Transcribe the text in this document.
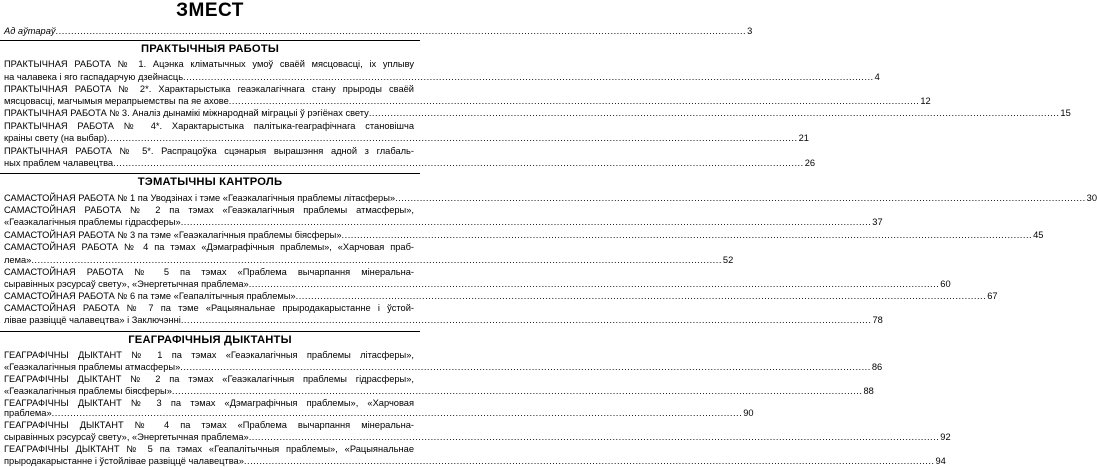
ЗМЕСТ
Ад аўтараў .....	3
ПРАКТЫЧНЫЯ РАБОТЫ
ПРАКТЫЧНАЯ РАБОТА № 1. Ацэнка кліматычных умоў сваёй мясцовасці, іх уплыву
на чалавека і яго гаспадарчую дзейнасць .....	4
ПРАКТЫЧНАЯ РАБОТА № 2*. Характарыстыка геаэкалагічнага стану прыроды сваёй
мясцовасці, магчымыя мерапрыемствы па яе ахове .....	12
ПРАКТЫЧНАЯ РАБОТА № 3. Аналіз дынамікі міжнароднай міграцыі ў рэгіёнах свету .....	15
ПРАКТЫЧНАЯ РАБОТА № 4*. Характарыстыка палітыка-геаграфічнага становішча
краіны свету (на выбар) .....	21
ПРАКТЫЧНАЯ РАБОТА № 5*. Распрацоўка сцэнарыя вырашэння адной з глабаль-
ных праблем чалавецтва .....	26
ТЭМАТЫЧНЫ КАНТРОЛЬ
САМАСТОЙНАЯ РАБОТА № 1 па Уводзінах і тэме «Геаэкалагічныя праблемы літасферы» .....	30
САМАСТОЙНАЯ РАБОТА № 2 па тэмах «Геаэкалагічныя праблемы атмасферы»,
«Геаэкалагічныя праблемы гідрасферы» .....	37
САМАСТОЙНАЯ РАБОТА № 3 па тэме «Геаэкалагічныя праблемы біясферы» .....	45
САМАСТОЙНАЯ РАБОТА № 4 па тэмах «Дэмаграфічныя праблемы», «Харчовая праб-
лема» .....	52
САМАСТОЙНАЯ РАБОТА № 5 па тэмах «Праблема вычарпання мінеральна-
сыравінных рэсурсаў свету», «Энергетычная праблема» .....	60
САМАСТОЙНАЯ РАБОТА № 6 па тэме «Геапалітычныя праблемы» .....	67
САМАСТОЙНАЯ РАБОТА № 7 па тэме «Рацыянальнае прыродакарыстанне і ўстой-
лівае развіццё чалавецтва» і Заключэнні .....	78
ГЕАГРАФІЧНЫЯ ДЫКТАНТЫ
ГЕАГРАФІЧНЫ ДЫКТАНТ № 1 па тэмах «Геаэкалагічныя праблемы літасферы»,
«Геаэкалагічныя праблемы атмасферы» .....	86
ГЕАГРАФІЧНЫ ДЫКТАНТ № 2 па тэмах «Геаэкалагічныя праблемы гідрасферы»,
«Геаэкалагічныя праблемы біясферы» .....	88
ГЕАГРАФІЧНЫ ДЫКТАНТ № 3 па тэмах «Дэмаграфічныя праблемы», «Харчовая
праблема» .....	90
ГЕАГРАФІЧНЫ ДЫКТАНТ № 4 па тэмах «Праблема вычарпання мінеральна-
сыравінных рэсурсаў свету», «Энергетычная праблема» .....	92
ГЕАГРАФІЧНЫ ДЫКТАНТ № 5 па тэмах «Геапалітычныя праблемы», «Рацыянальнае
прыродакарыстанне і ўстойлівае развіццё чалавецтва» .....	94
